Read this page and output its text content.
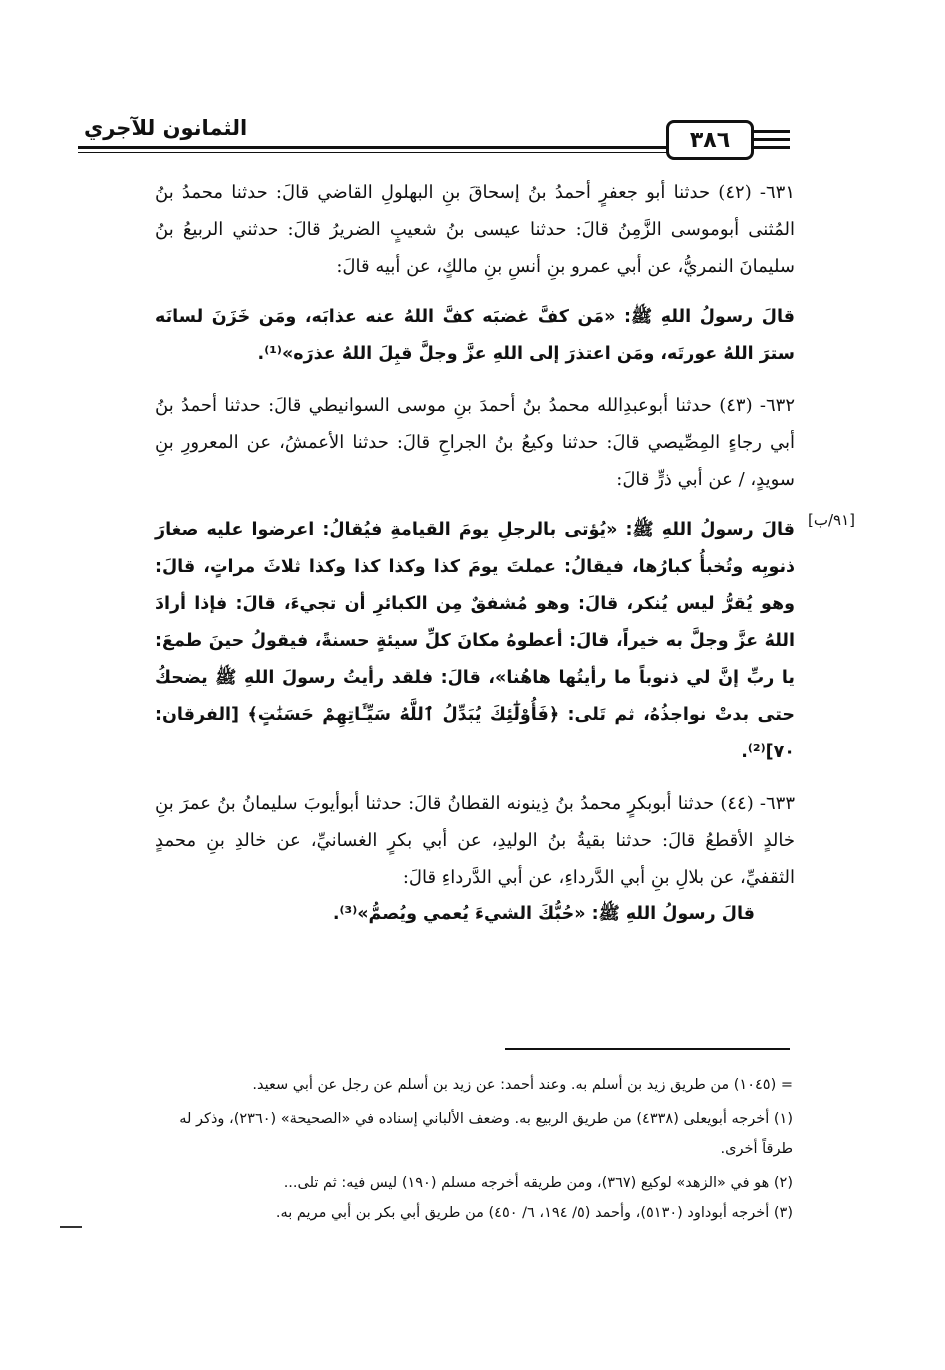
الثمانون للآجري	٣٨٦
[٩١/ب]

٦٣١- (٤٢) حدثنا أبو جعفرٍ أحمدُ بنُ إسحاقَ بنِ البهلولِ القاضي قالَ: حدثنا محمدُ بنُ المُثنى أبوموسى الزَّمِنُ قالَ: حدثنا عيسى بنُ شعيبٍ الضريرُ قالَ: حدثني الربيعُ بنُ سليمانَ النمريُّ، عن أبي عمرو بنِ أنسِ بنِ مالكٍ، عن أبيه قالَ:

قالَ رسولُ اللهِ ﷺ: «مَن كفَّ غضبَه كفَّ اللهُ عنه عذابَه، ومَن خَزَنَ لسانَه سترَ اللهُ عورتَه، ومَن اعتذرَ إلى اللهِ عزَّ وجلَّ قبِلَ اللهُ عذرَه»⁽¹⁾.

٦٣٢- (٤٣) حدثنا أبوعبدِالله محمدُ بنُ أحمدَ بنِ موسى السوانيطي قالَ: حدثنا أحمدُ بنُ أبي رجاءٍ المِصِّيصي قالَ: حدثنا وكيعُ بنُ الجراحِ قالَ: حدثنا الأعمشُ، عن المعرورِ بنِ سويدٍ، / عن أبي ذرٍّ قالَ:

قالَ رسولُ اللهِ ﷺ: «يُؤتى بالرجلِ يومَ القيامةِ فيُقالُ: اعرضوا عليه صغارَ ذنوبِه وتُخبأُ كبارُها، فيقالُ: عملتَ يومَ كذا وكذا كذا وكذا ثلاثَ مراتٍ، قالَ: وهو يُقرُّ ليس يُنكر، قالَ: وهو مُشفقٌ مِن الكبائرِ أن تجيءَ، قالَ: فإذا أرادَ اللهُ عزَّ وجلَّ به خيراً، قالَ: أعطوهُ مكانَ كلِّ سيئةٍ حسنةً، فيقولُ حينَ طمعَ: يا ربِّ إنَّ لي ذنوباً ما رأيتُها هاهُنا»، قالَ: فلقد رأيتُ رسولَ اللهِ ﷺ يضحكُ حتى بدتْ نواجذُهُ، ثم تَلى: ﴿فَأُوْلَٰٓئِكَ يُبَدِّلُ ٱللَّهُ سَيِّـَٔاتِهِمْ حَسَنَٰتٍ﴾ [الفرقان: ٧٠]⁽²⁾.

٦٣٣- (٤٤) حدثنا أبوبكرٍ محمدُ بنُ ذِينونه القطانُ قالَ: حدثنا أبوأيوبَ سليمانُ بنُ عمرَ بنِ خالدٍ الأقطعُ قالَ: حدثنا بقيةُ بنُ الوليدِ، عن أبي بكرٍ الغسانيِّ، عن خالدِ بنِ محمدٍ الثقفيِّ، عن بلالِ بنِ أبي الدَّرداءِ، عن أبي الدَّرداءِ قالَ:

قالَ رسولُ اللهِ ﷺ: «حُبُّكَ الشيءَ يُعمي ويُصمُّ»⁽³⁾.

= (١٠٤٥) من طريق زيد بن أسلم به. وعند أحمد: عن زيد بن أسلم عن رجل عن أبي سعيد.

(١) أخرجه أبويعلى (٤٣٣٨) من طريق الربيع به. وضعف الألباني إسناده في «الصحيحة» (٢٣٦٠)، وذكر له طرقاً أخرى.

(٢) هو في «الزهد» لوكيع (٣٦٧)، ومن طريقه أخرجه مسلم (١٩٠) ليس فيه: ثم تلى...

(٣) أخرجه أبوداود (٥١٣٠)، وأحمد (٥/ ١٩٤، ٦/ ٤٥٠) من طريق أبي بكر بن أبي مريم به.
